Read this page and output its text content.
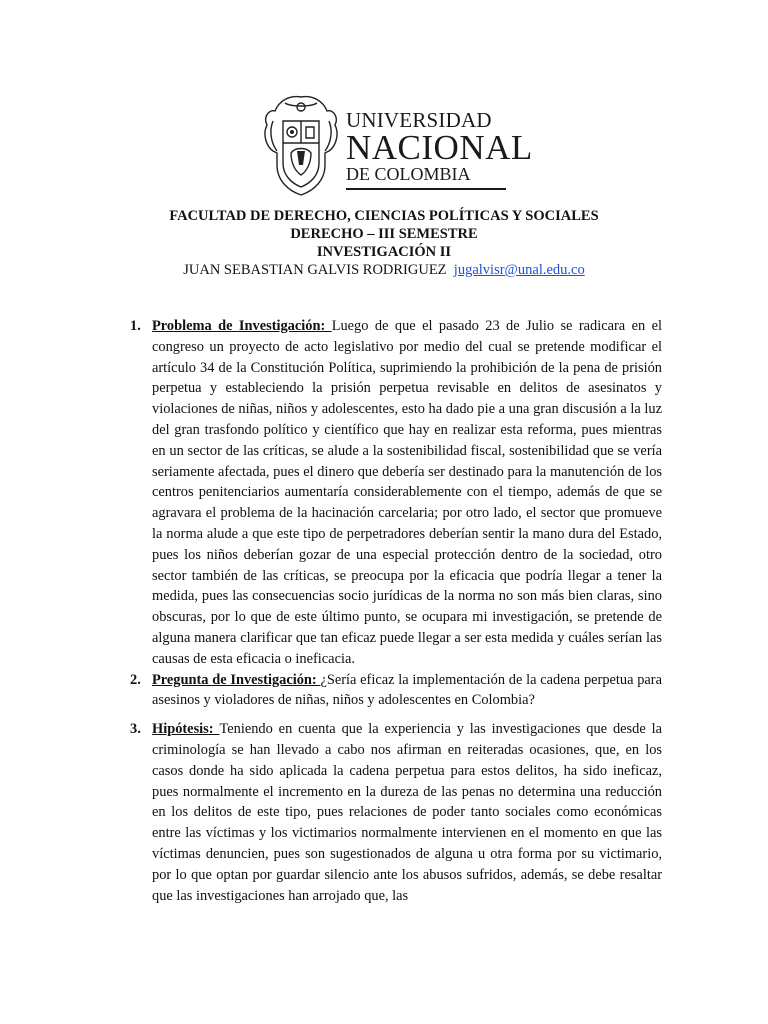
UNIVERSIDAD
NACIONAL
DE COLOMBIA
FACULTAD DE DERECHO, CIENCIAS POLÍTICAS Y SOCIALES
DERECHO – III SEMESTRE
INVESTIGACIÓN II
JUAN SEBASTIAN GALVIS RODRIGUEZ jugalvisr@unal.edu.co
1. Problema de Investigación: Luego de que el pasado 23 de Julio se radicara en el congreso un proyecto de acto legislativo por medio del cual se pretende modificar el artículo 34 de la Constitución Política, suprimiendo la prohibición de la pena de prisión perpetua y estableciendo la prisión perpetua revisable en delitos de asesinatos y violaciones de niñas, niños y adolescentes, esto ha dado pie a una gran discusión a la luz del gran trasfondo político y científico que hay en realizar esta reforma, pues mientras en un sector de las críticas, se alude a la sostenibilidad fiscal, sostenibilidad que se vería seriamente afectada, pues el dinero que debería ser destinado para la manutención de los centros penitenciarios aumentaría considerablemente con el tiempo, además de que se agravara el problema de la hacinación carcelaria; por otro lado, el sector que promueve la norma alude a que este tipo de perpetradores deberían sentir la mano dura del Estado, pues los niños deberían gozar de una especial protección dentro de la sociedad, otro sector también de las críticas, se preocupa por la eficacia que podría llegar a tener la medida, pues las consecuencias socio jurídicas de la norma no son más bien claras, sino obscuras, por lo que de este último punto, se ocupara mi investigación, se pretende de alguna manera clarificar que tan eficaz puede llegar a ser esta medida y cuáles serían las causas de esta eficacia o ineficacia.
2. Pregunta de Investigación: ¿Sería eficaz la implementación de la cadena perpetua para asesinos y violadores de niñas, niños y adolescentes en Colombia?
3. Hipótesis: Teniendo en cuenta que la experiencia y las investigaciones que desde la criminología se han llevado a cabo nos afirman en reiteradas ocasiones, que, en los casos donde ha sido aplicada la cadena perpetua para estos delitos, ha sido ineficaz, pues normalmente el incremento en la dureza de las penas no determina una reducción en los delitos de este tipo, pues relaciones de poder tanto sociales como económicas entre las víctimas y los victimarios normalmente intervienen en el momento en que las víctimas denuncien, pues son sugestionados de alguna u otra forma por su victimario, por lo que optan por guardar silencio ante los abusos sufridos, además, se debe resaltar que las investigaciones han arrojado que, las
